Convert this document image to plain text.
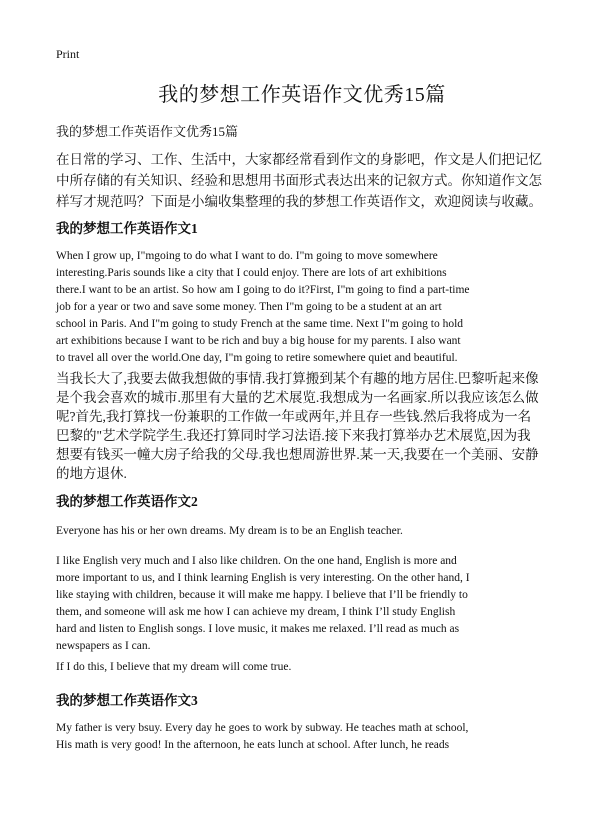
Print
我的梦想工作英语作文优秀15篇
我的梦想工作英语作文优秀15篇

在日常的学习、工作、生活中，大家都经常看到作文的身影吧，作文是人们把记忆
中所存储的有关知识、经验和思想用书面形式表达出来的记叙方式。你知道作文怎
样写才规范吗？下面是小编收集整理的我的梦想工作英语作文，欢迎阅读与收藏。

我的梦想工作英语作文1

When I grow up, I"mgoing to do what I want to do. I"m going to move somewhere
interesting.Paris sounds like a city that I could enjoy. There are lots of art exhibitions
there.I want to be an artist. So how am I going to do it?First, I"m going to find a part-time
job for a year or two and save some money. Then I"m going to be a student at an art
school in Paris. And I"m going to study French at the same time. Next I"m going to hold
art exhibitions because I want to be rich and buy a big house for my parents. I also want
to travel all over the world.One day, I"m going to retire somewhere quiet and beautiful.

当我长大了,我要去做我想做的事情.我打算搬到某个有趣的地方居住.巴黎听起来像
是个我会喜欢的城市.那里有大量的艺术展览.我想成为一名画家.所以我应该怎么做
呢?首先,我打算找一份兼职的工作做一年或两年,并且存一些钱.然后我将成为一名
巴黎的"艺术学院学生.我还打算同时学习法语.接下来我打算举办艺术展览,因为我
想要有钱买一幢大房子给我的父母.我也想周游世界.某一天,我要在一个美丽、安静
的地方退休.

我的梦想工作英语作文2

Everyone has his or her own dreams. My dream is to be an English teacher.

I like English very much and I also like children. On the one hand, English is more and
more important to us, and I think learning English is very interesting. On the other hand, I
like staying with children, because it will make me happy. I believe that I’ll be friendly to
them, and someone will ask me how I can achieve my dream, I think I’ll study English
hard and listen to English songs. I love music, it makes me relaxed. I’ll read as much as
newspapers as I can.

If I do this, I believe that my dream will come true.

我的梦想工作英语作文3

My father is very bsuy. Every day he goes to work by subway. He teaches math at school,
His math is very good! In the afternoon, he eats lunch at school. After lunch, he reads
